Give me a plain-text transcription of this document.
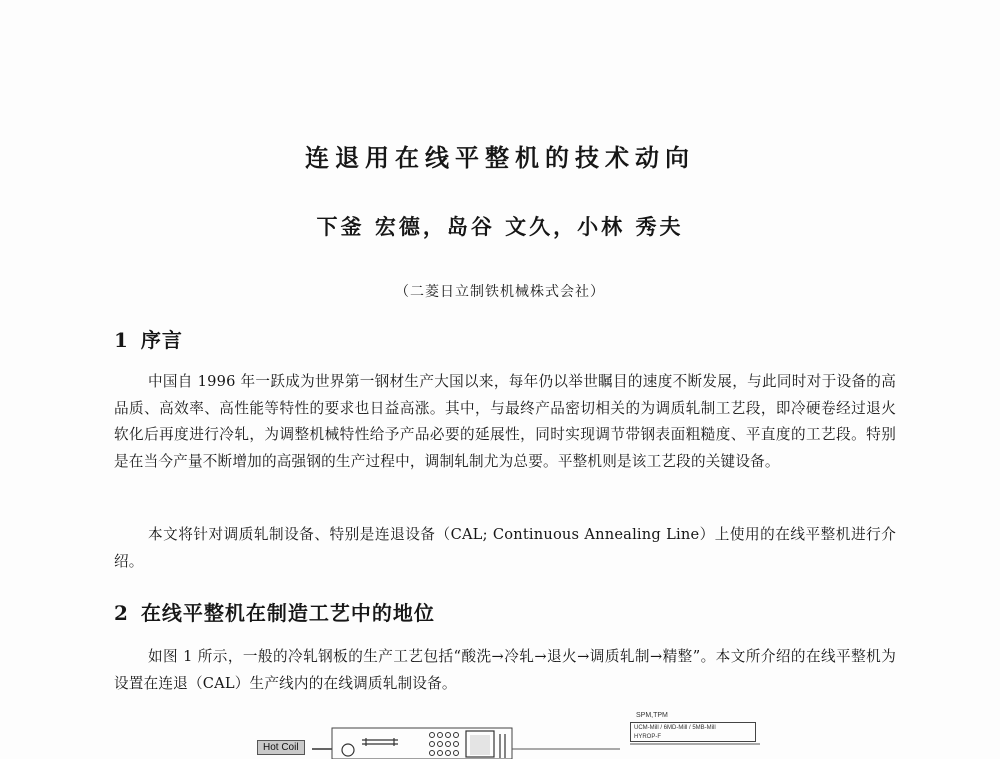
连退用在线平整机的技术动向
下釜 宏德，岛谷 文久，小林 秀夫
（二菱日立制铁机械株式会社）
1 序言
中国自 1996 年一跃成为世界第一钢材生产大国以来，每年仍以举世瞩目的速度不断发展，与此同时对于设备的高品质、高效率、高性能等特性的要求也日益高涨。其中，与最终产品密切相关的为调质轧制工艺段，即冷硬卷经过退火软化后再度进行冷轧，为调整机械特性给予产品必要的延展性，同时实现调节带钢表面粗糙度、平直度的工艺段。特别是在当今产量不断增加的高强钢的生产过程中，调制轧制尤为总要。平整机则是该工艺段的关键设备。
本文将针对调质轧制设备、特别是连退设备（CAL; Continuous Annealing Line）上使用的在线平整机进行介绍。
2 在线平整机在制造工艺中的地位
如图 1 所示，一般的冷轧钢板的生产工艺包括“酸洗→冷轧→退火→调质轧制→精整”。本文所介绍的在线平整机为设置在连退（CAL）生产线内的在线调质轧制设备。
Hot Coil
SPM,TPM
UCM-Mill / 6MD-Mill / 5MB-Mill
HYROP-F
